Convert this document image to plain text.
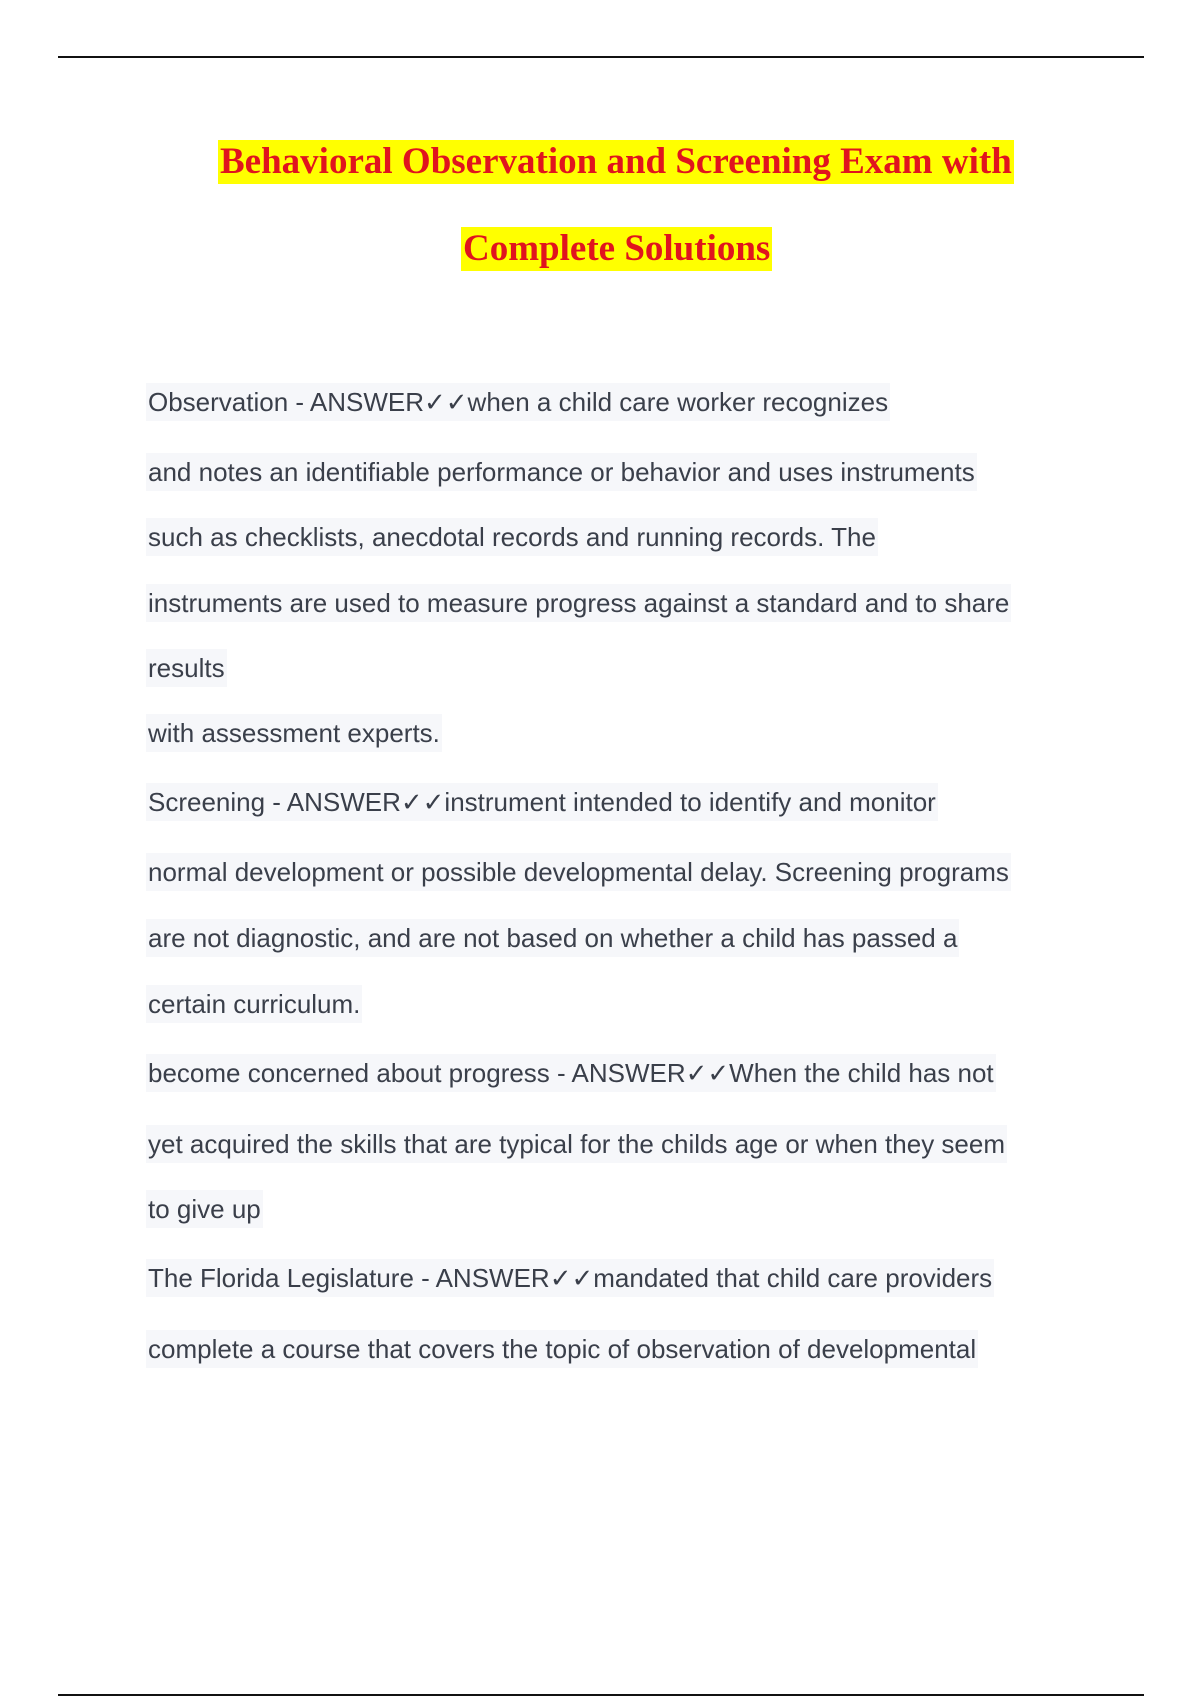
Behavioral Observation and Screening Exam with
Complete Solutions
Observation - ANSWER✓✓when a child care worker recognizes
and notes an identifiable performance or behavior and uses instruments
such as checklists, anecdotal records and running records. The
instruments are used to measure progress against a standard and to share
results
with assessment experts.
Screening - ANSWER✓✓instrument intended to identify and monitor
normal development or possible developmental delay. Screening programs
are not diagnostic, and are not based on whether a child has passed a
certain curriculum.
become concerned about progress - ANSWER✓✓When the child has not
yet acquired the skills that are typical for the childs age or when they seem
to give up
The Florida Legislature - ANSWER✓✓mandated that child care providers
complete a course that covers the topic of observation of developmental
